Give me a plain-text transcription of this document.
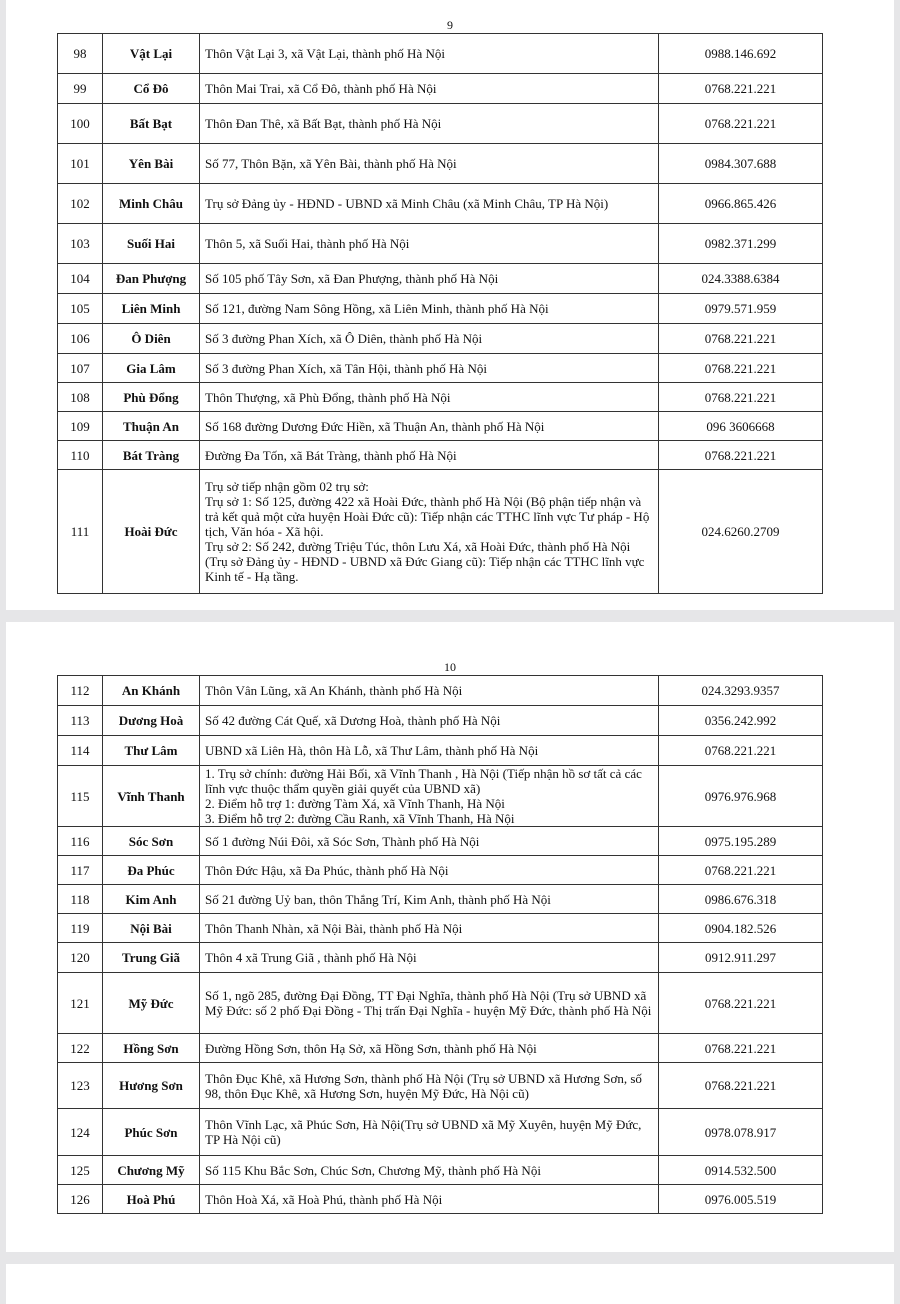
9
98	Vật Lại	Thôn Vật Lại 3, xã Vật Lại, thành phố Hà Nội	0988.146.692
99	Cổ Đô	Thôn Mai Trai, xã Cổ Đô, thành phố Hà Nội	0768.221.221
100	Bất Bạt	Thôn Đan Thê, xã Bất Bạt, thành phố Hà Nội	0768.221.221
101	Yên Bài	Số 77, Thôn Bặn, xã Yên Bài, thành phố Hà Nội	0984.307.688
102	Minh Châu	Trụ sở Đảng ủy - HĐND - UBND xã Minh Châu (xã Minh Châu, TP Hà Nội)	0966.865.426
103	Suối Hai	Thôn 5, xã Suối Hai, thành phố Hà Nội	0982.371.299
104	Đan Phượng	Số 105 phố Tây Sơn, xã Đan Phượng, thành phố Hà Nội	024.3388.6384
105	Liên Minh	Số 121, đường Nam Sông Hồng, xã Liên Minh, thành phố Hà Nội	0979.571.959
106	Ô Diên	Số 3 đường Phan Xích, xã Ô Diên, thành phố Hà Nội	0768.221.221
107	Gia Lâm	Số 3 đường Phan Xích, xã Tân Hội, thành phố Hà Nội	0768.221.221
108	Phù Đổng	Thôn Thượng, xã Phù Đổng, thành phố Hà Nội	0768.221.221
109	Thuận An	Số 168 đường Dương Đức Hiền, xã Thuận An, thành phố Hà Nội	096 3606668
110	Bát Tràng	Đường Đa Tốn, xã Bát Tràng, thành phố Hà Nội	0768.221.221
111	Hoài Đức	Trụ sở tiếp nhận gồm 02 trụ sở:
Trụ sở 1: Số 125, đường 422 xã Hoài Đức, thành phố Hà Nội (Bộ phận tiếp nhận và trả kết quả một cửa huyện Hoài Đức cũ): Tiếp nhận các TTHC lĩnh vực Tư pháp - Hộ tịch, Văn hóa - Xã hội.
Trụ sở 2: Số 242, đường Triệu Túc, thôn Lưu Xá, xã Hoài Đức, thành phố Hà Nội (Trụ sở Đảng ủy - HĐND - UBND xã Đức Giang cũ): Tiếp nhận các TTHC lĩnh vực Kinh tế - Hạ tầng.	024.6260.2709
10
112	An Khánh	Thôn Vân Lũng, xã An Khánh, thành phố Hà Nội	024.3293.9357
113	Dương Hoà	Số 42 đường Cát Quế, xã Dương Hoà, thành phố Hà Nội	0356.242.992
114	Thư Lâm	UBND xã Liên Hà, thôn Hà Lỗ, xã Thư Lâm, thành phố Hà Nội	0768.221.221
115	Vĩnh Thanh	1. Trụ sở chính: đường Hải Bối, xã Vĩnh Thanh , Hà Nội (Tiếp nhận hồ sơ tất cả các lĩnh vực thuộc thẩm quyền giải quyết của UBND xã)
2. Điểm hỗ trợ 1: đường Tàm Xá, xã Vĩnh Thanh, Hà Nội
3. Điểm hỗ trợ 2: đường Cầu Ranh, xã Vĩnh Thanh, Hà Nội	0976.976.968
116	Sóc Sơn	Số 1 đường Núi Đôi, xã Sóc Sơn, Thành phố Hà Nội	0975.195.289
117	Đa Phúc	Thôn Đức Hậu, xã Đa Phúc, thành phố Hà Nội	0768.221.221
118	Kim Anh	Số 21 đường Uỷ ban, thôn Thắng Trí, Kim Anh, thành phố Hà Nội	0986.676.318
119	Nội Bài	Thôn Thanh Nhàn, xã Nội Bài, thành phố Hà Nội	0904.182.526
120	Trung Giã	Thôn 4 xã Trung Giã , thành phố Hà Nội	0912.911.297
121	Mỹ Đức	Số 1, ngõ 285, đường Đại Đồng, TT Đại Nghĩa, thành phố Hà Nội (Trụ sở UBND xã Mỹ Đức: số 2 phố Đại Đồng - Thị trấn Đại Nghĩa - huyện Mỹ Đức, thành phố Hà Nội	0768.221.221
122	Hồng Sơn	Đường Hồng Sơn, thôn Hạ Sở, xã Hồng Sơn, thành phố Hà Nội	0768.221.221
123	Hương Sơn	Thôn Đục Khê, xã Hương Sơn, thành phố Hà Nội (Trụ sở UBND xã Hương Sơn, số 98, thôn Đục Khê, xã Hương Sơn, huyện Mỹ Đức, Hà Nội cũ)	0768.221.221
124	Phúc Sơn	Thôn Vĩnh Lạc, xã Phúc Sơn, Hà Nội(Trụ sở UBND xã Mỹ Xuyên, huyện Mỹ Đức, TP Hà Nội cũ)	0978.078.917
125	Chương Mỹ	Số 115 Khu Bắc Sơn, Chúc Sơn, Chương Mỹ, thành phố Hà Nội	0914.532.500
126	Hoà Phú	Thôn Hoà Xá, xã Hoà Phú, thành phố Hà Nội	0976.005.519
